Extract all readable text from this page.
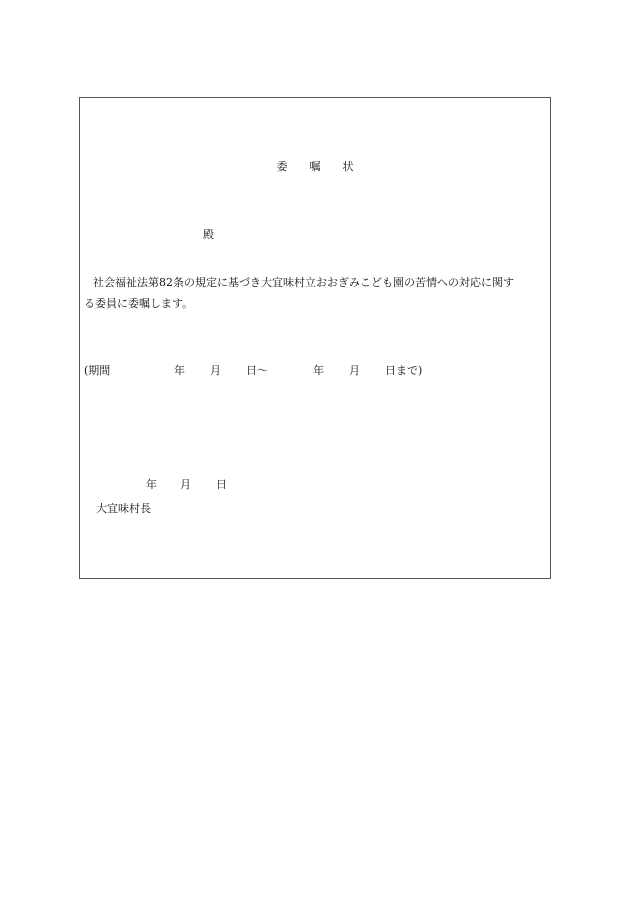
委嘱状

殿

社会福祉法第82条の規定に基づき大宜味村立おおぎみこども園の苦情への対応に関す

る委員に委嘱します。

(期間	年 月 日〜	年 月 日まで)
年 月 日

大宜味村長
